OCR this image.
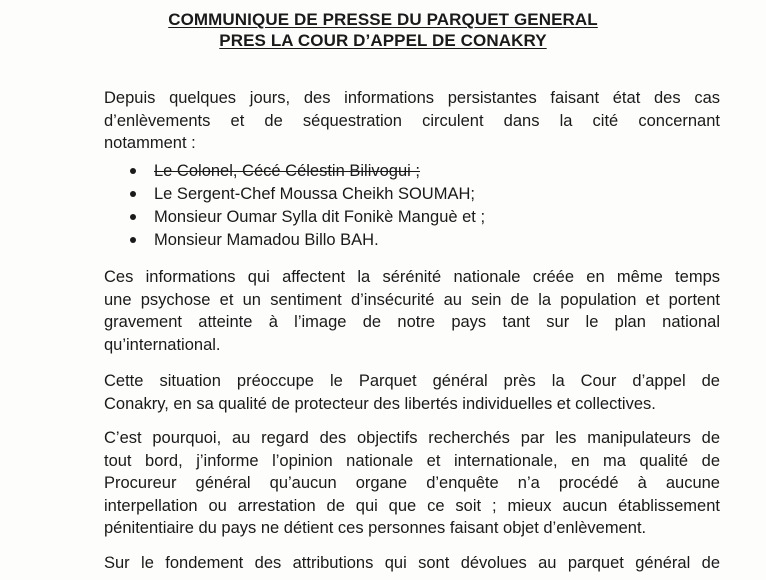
COMMUNIQUE DE PRESSE DU PARQUET GENERAL
PRES LA COUR D’APPEL DE CONAKRY

Depuis quelques jours, des informations persistantes faisant état des cas
d’enlèvements et de séquestration circulent dans la cité concernant
notamment :

Le Colonel, Cécé Célestin Bilivogui ;
Le Sergent-Chef Moussa Cheikh SOUMAH;
Monsieur Oumar Sylla dit Fonikè Manguè et ;
Monsieur Mamadou Billo BAH.

Ces informations qui affectent la sérénité nationale créée en même temps
une psychose et un sentiment d’insécurité au sein de la population et portent
gravement atteinte à l’image de notre pays tant sur le plan national
qu’international.

Cette situation préoccupe le Parquet général près la Cour d’appel de
Conakry, en sa qualité de protecteur des libertés individuelles et collectives.

C’est pourquoi, au regard des objectifs recherchés par les manipulateurs de
tout bord, j’informe l’opinion nationale et internationale, en ma qualité de
Procureur général qu’aucun organe d’enquête n’a procédé à aucune
interpellation ou arrestation de qui que ce soit ; mieux aucun établissement
pénitentiaire du pays ne détient ces personnes faisant objet d’enlèvement.

Sur le fondement des attributions qui sont dévolues au parquet général de
